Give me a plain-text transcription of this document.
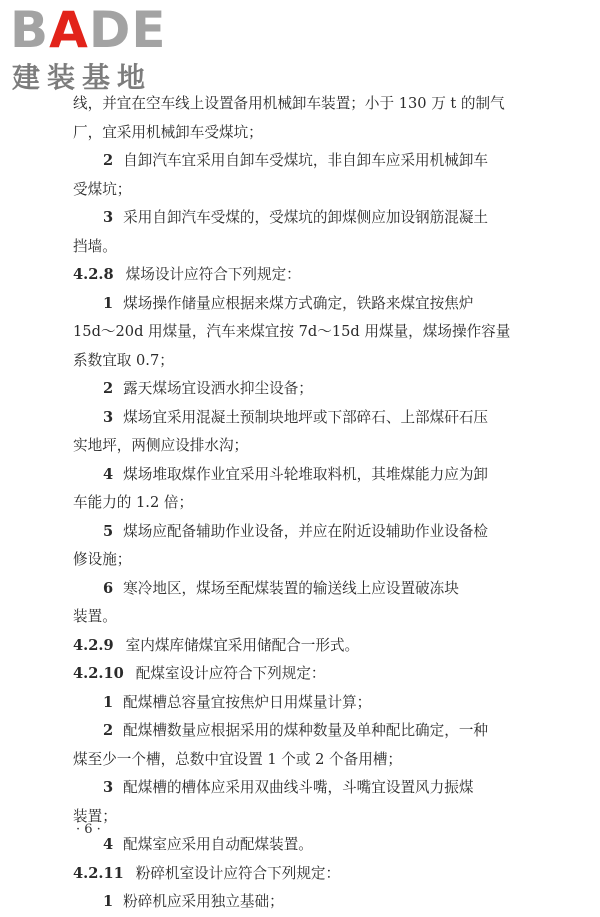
BADE
建装基地
线，并宜在空车线上设置备用机械卸车装置；小于 130 万 t 的制气
厂，宜采用机械卸车受煤坑；
2 自卸汽车宜采用自卸车受煤坑，非自卸车应采用机械卸车
受煤坑；
3 采用自卸汽车受煤的，受煤坑的卸煤侧应加设钢筋混凝土
挡墙。
4.2.8 煤场设计应符合下列规定：
1 煤场操作储量应根据来煤方式确定，铁路来煤宜按焦炉
15d～20d 用煤量，汽车来煤宜按 7d～15d 用煤量，煤场操作容量
系数宜取 0.7；
2 露天煤场宜设洒水抑尘设备；
3 煤场宜采用混凝土预制块地坪或下部碎石、上部煤矸石压
实地坪，两侧应设排水沟；
4 煤场堆取煤作业宜采用斗轮堆取料机，其堆煤能力应为卸
车能力的 1.2 倍；
5 煤场应配备辅助作业设备，并应在附近设辅助作业设备检
修设施；
6 寒冷地区，煤场至配煤装置的输送线上应设置破冻块
装置。
4.2.9 室内煤库储煤宜采用储配合一形式。
4.2.10 配煤室设计应符合下列规定：
1 配煤槽总容量宜按焦炉日用煤量计算；
2 配煤槽数量应根据采用的煤种数量及单种配比确定，一种
煤至少一个槽，总数中宜设置 1 个或 2 个备用槽；
3 配煤槽的槽体应采用双曲线斗嘴，斗嘴宜设置风力振煤
装置；
4 配煤室应采用自动配煤装置。
4.2.11 粉碎机室设计应符合下列规定：
1 粉碎机应采用独立基础；
· 6 ·
